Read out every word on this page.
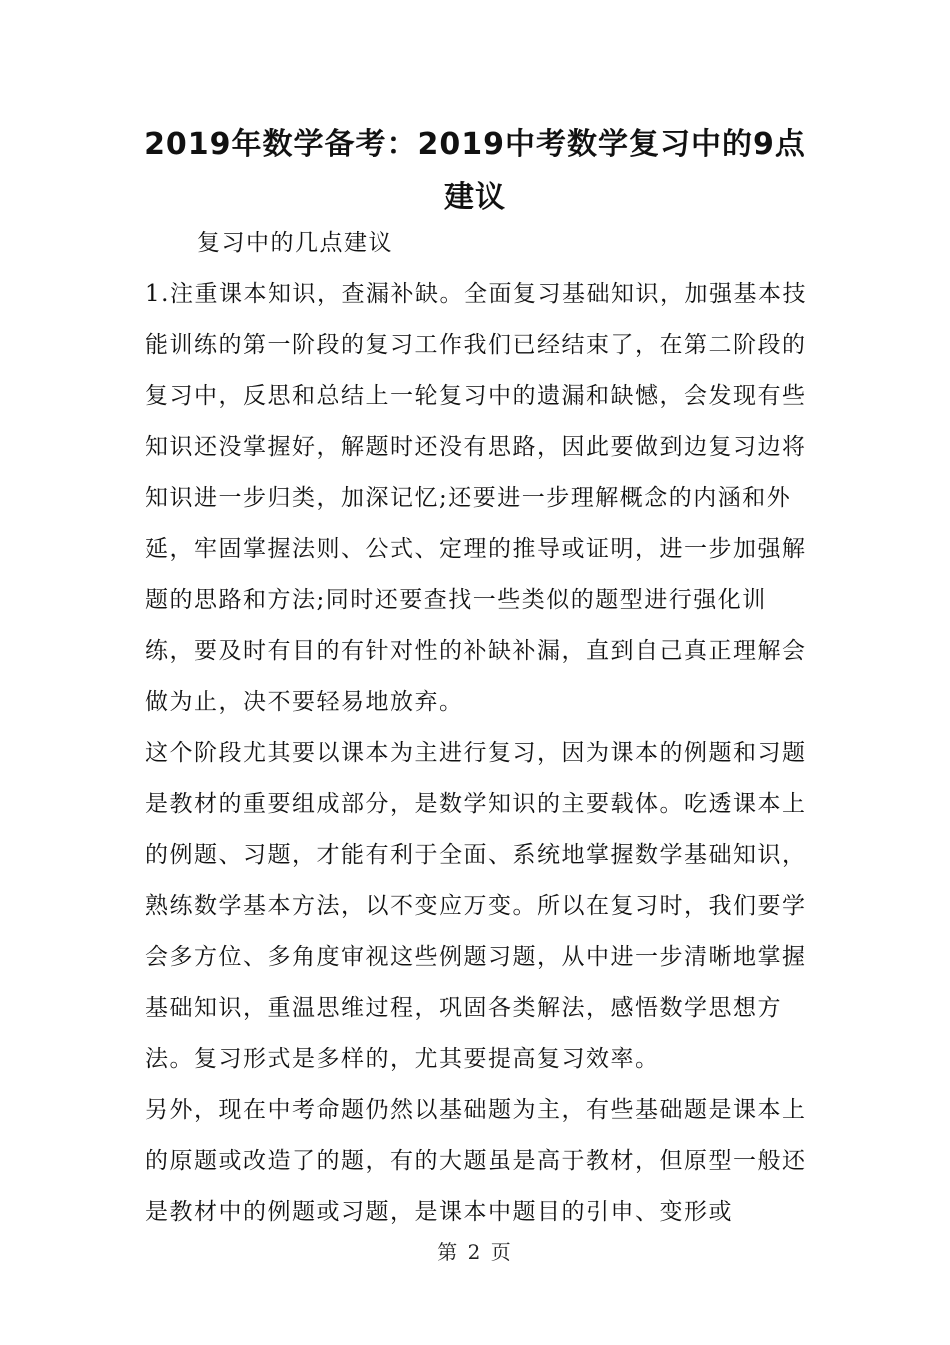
2019年数学备考：2019中考数学复习中的9点建议

复习中的几点建议

1.注重课本知识，查漏补缺。全面复习基础知识，加强基本技能训练的第一阶段的复习工作我们已经结束了，在第二阶段的复习中，反思和总结上一轮复习中的遗漏和缺憾，会发现有些知识还没掌握好，解题时还没有思路，因此要做到边复习边将知识进一步归类，加深记忆;还要进一步理解概念的内涵和外延，牢固掌握法则、公式、定理的推导或证明，进一步加强解题的思路和方法;同时还要查找一些类似的题型进行强化训练，要及时有目的有针对性的补缺补漏，直到自己真正理解会做为止，决不要轻易地放弃。

这个阶段尤其要以课本为主进行复习，因为课本的例题和习题是教材的重要组成部分，是数学知识的主要载体。吃透课本上的例题、习题，才能有利于全面、系统地掌握数学基础知识，熟练数学基本方法，以不变应万变。所以在复习时，我们要学会多方位、多角度审视这些例题习题，从中进一步清晰地掌握基础知识，重温思维过程，巩固各类解法，感悟数学思想方法。复习形式是多样的，尤其要提高复习效率。

另外，现在中考命题仍然以基础题为主，有些基础题是课本上的原题或改造了的题，有的大题虽是高于教材，但原型一般还是教材中的例题或习题，是课本中题目的引申、变形或

第 2 页
